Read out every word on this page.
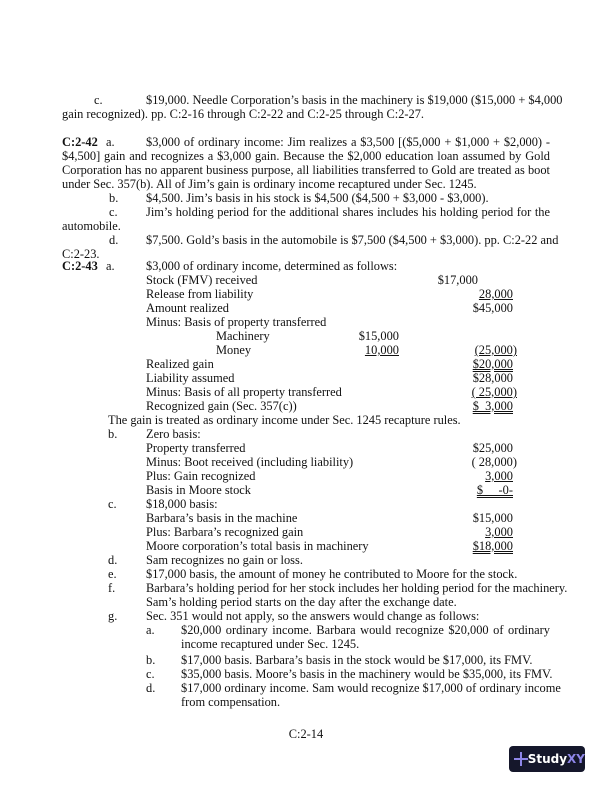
c.	$19,000. Needle Corporation’s basis in the machinery is $19,000 ($15,000 + $4,000
gain recognized). pp. C:2-16 through C:2-22 and C:2-25 through C:2-27.
C:2-42 a.	$3,000 of ordinary income: Jim realizes a $3,500 [($5,000 + $1,000 + $2,000) -
$4,500] gain and recognizes a $3,000 gain. Because the $2,000 education loan assumed by Gold
Corporation has no apparent business purpose, all liabilities transferred to Gold are treated as boot
under Sec. 357(b). All of Jim’s gain is ordinary income recaptured under Sec. 1245.
b. $4,500. Jim’s basis in his stock is $4,500 ($4,500 + $3,000 - $3,000).
c. Jim’s holding period for the additional shares includes his holding period for the
automobile.
d. $7,500. Gold’s basis in the automobile is $7,500 ($4,500 + $3,000). pp. C:2-22 and
C:2-23.
C:2-43 a.	$3,000 of ordinary income, determined as follows:
Stock (FMV) received	$17,000
Release from liability	28,000
Amount realized	$45,000
Minus: Basis of property transferred
Machinery	$15,000
Money	10,000	(25,000)
Realized gain	$20,000
Liability assumed	$28,000
Minus: Basis of all property transferred	( 25,000)
Recognized gain (Sec. 357(c))	$  3,000
The gain is treated as ordinary income under Sec. 1245 recapture rules.
b. Zero basis:
Property transferred	$25,000
Minus: Boot received (including liability)	( 28,000)
Plus: Gain recognized	3,000
Basis in Moore stock	$     -0-
c. $18,000 basis:
Barbara’s basis in the machine	$15,000
Plus: Barbara’s recognized gain	3,000
Moore corporation’s total basis in machinery	$18,000
d. Sam recognizes no gain or loss.
e. $17,000 basis, the amount of money he contributed to Moore for the stock.
f. Barbara’s holding period for her stock includes her holding period for the machinery.
Sam’s holding period starts on the day after the exchange date.
g. Sec. 351 would not apply, so the answers would change as follows:
a. $20,000 ordinary income. Barbara would recognize $20,000 of ordinary
income recaptured under Sec. 1245.
b. $17,000 basis. Barbara’s basis in the stock would be $17,000, its FMV.
c. $35,000 basis. Moore’s basis in the machinery would be $35,000, its FMV.
d. $17,000 ordinary income. Sam would recognize $17,000 of ordinary income
from compensation.
C:2-14
StudyXY
